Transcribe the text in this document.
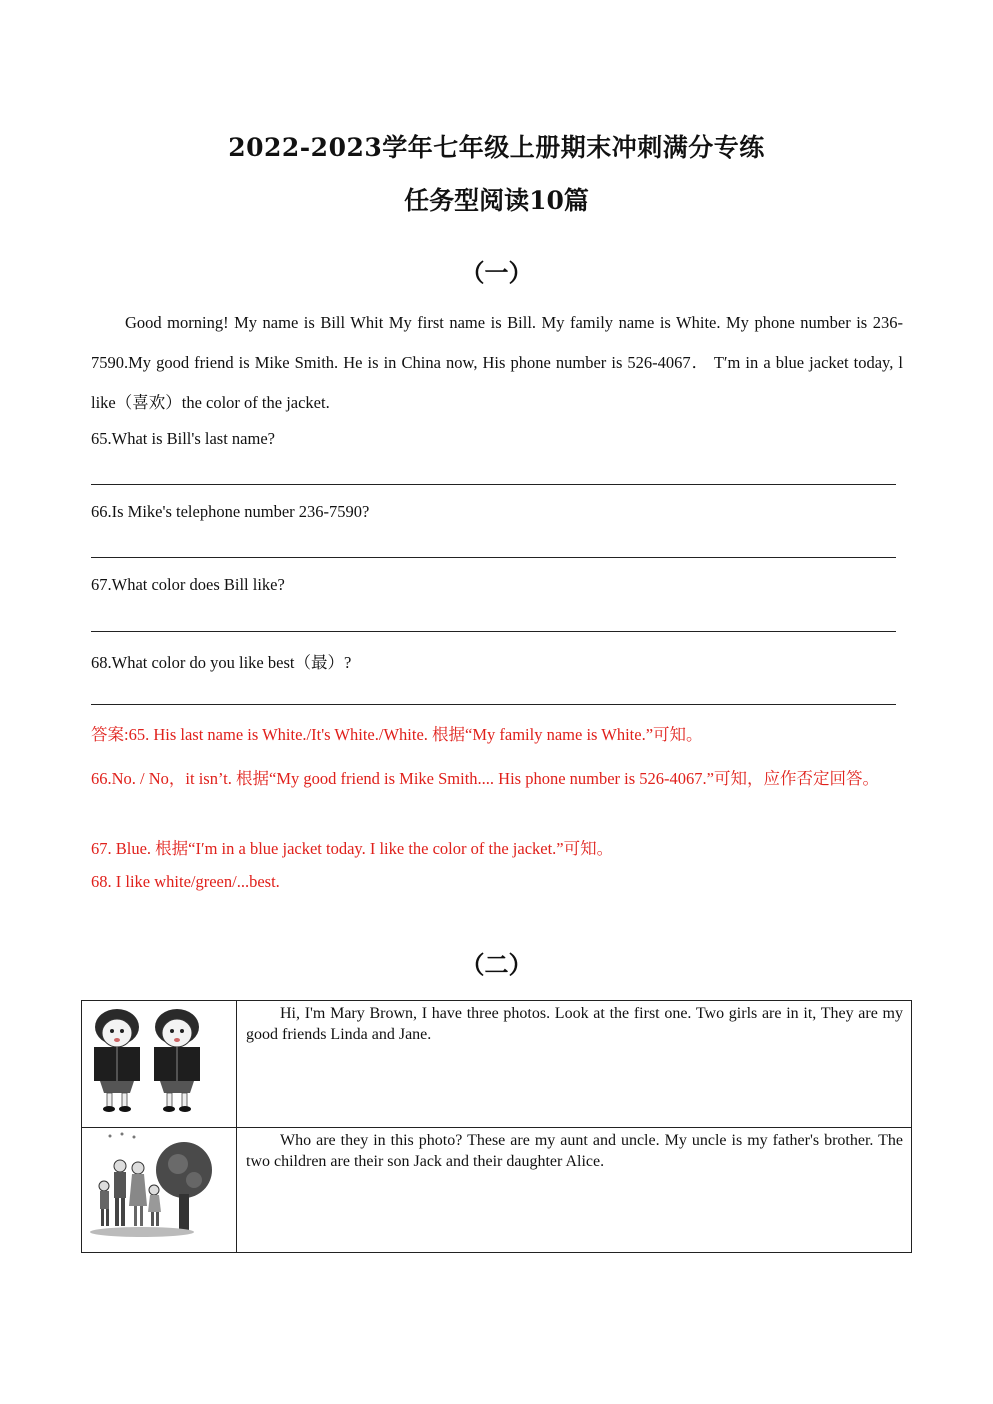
2022-2023学年七年级上册期末冲刺满分专练
任务型阅读10篇
（一）
Good morning! My name is Bill Whit My first name is Bill. My family name is White. My phone number is 236-7590.My good friend is Mike Smith. He is in China now, His phone number is 526-4067． T′m in a blue jacket today, l like（喜欢）the color of the jacket.
65.What is Bill's last name?
66.Is Mike's telephone number 236-7590?
67.What color does Bill like?
68.What color do you like best（最）?
答案:65. His last name is White./It's White./White. 根据“My family name is White.”可知。
66.No. / No，it isn’t. 根据“My good friend is Mike Smith.... His phone number is 526-4067.”可知，应作否定回答。
67. Blue. 根据“I′m in a blue jacket today. I like the color of the jacket.”可知。
68. I like white/green/...best.
（二）

Hi, I'm Mary Brown, I have three photos. Look at the first one. Two girls are in it, They are my good friends Linda and Jane.

Who are they in this photo? These are my aunt and uncle. My uncle is my father's brother. The two children are their son Jack and their daughter Alice.
